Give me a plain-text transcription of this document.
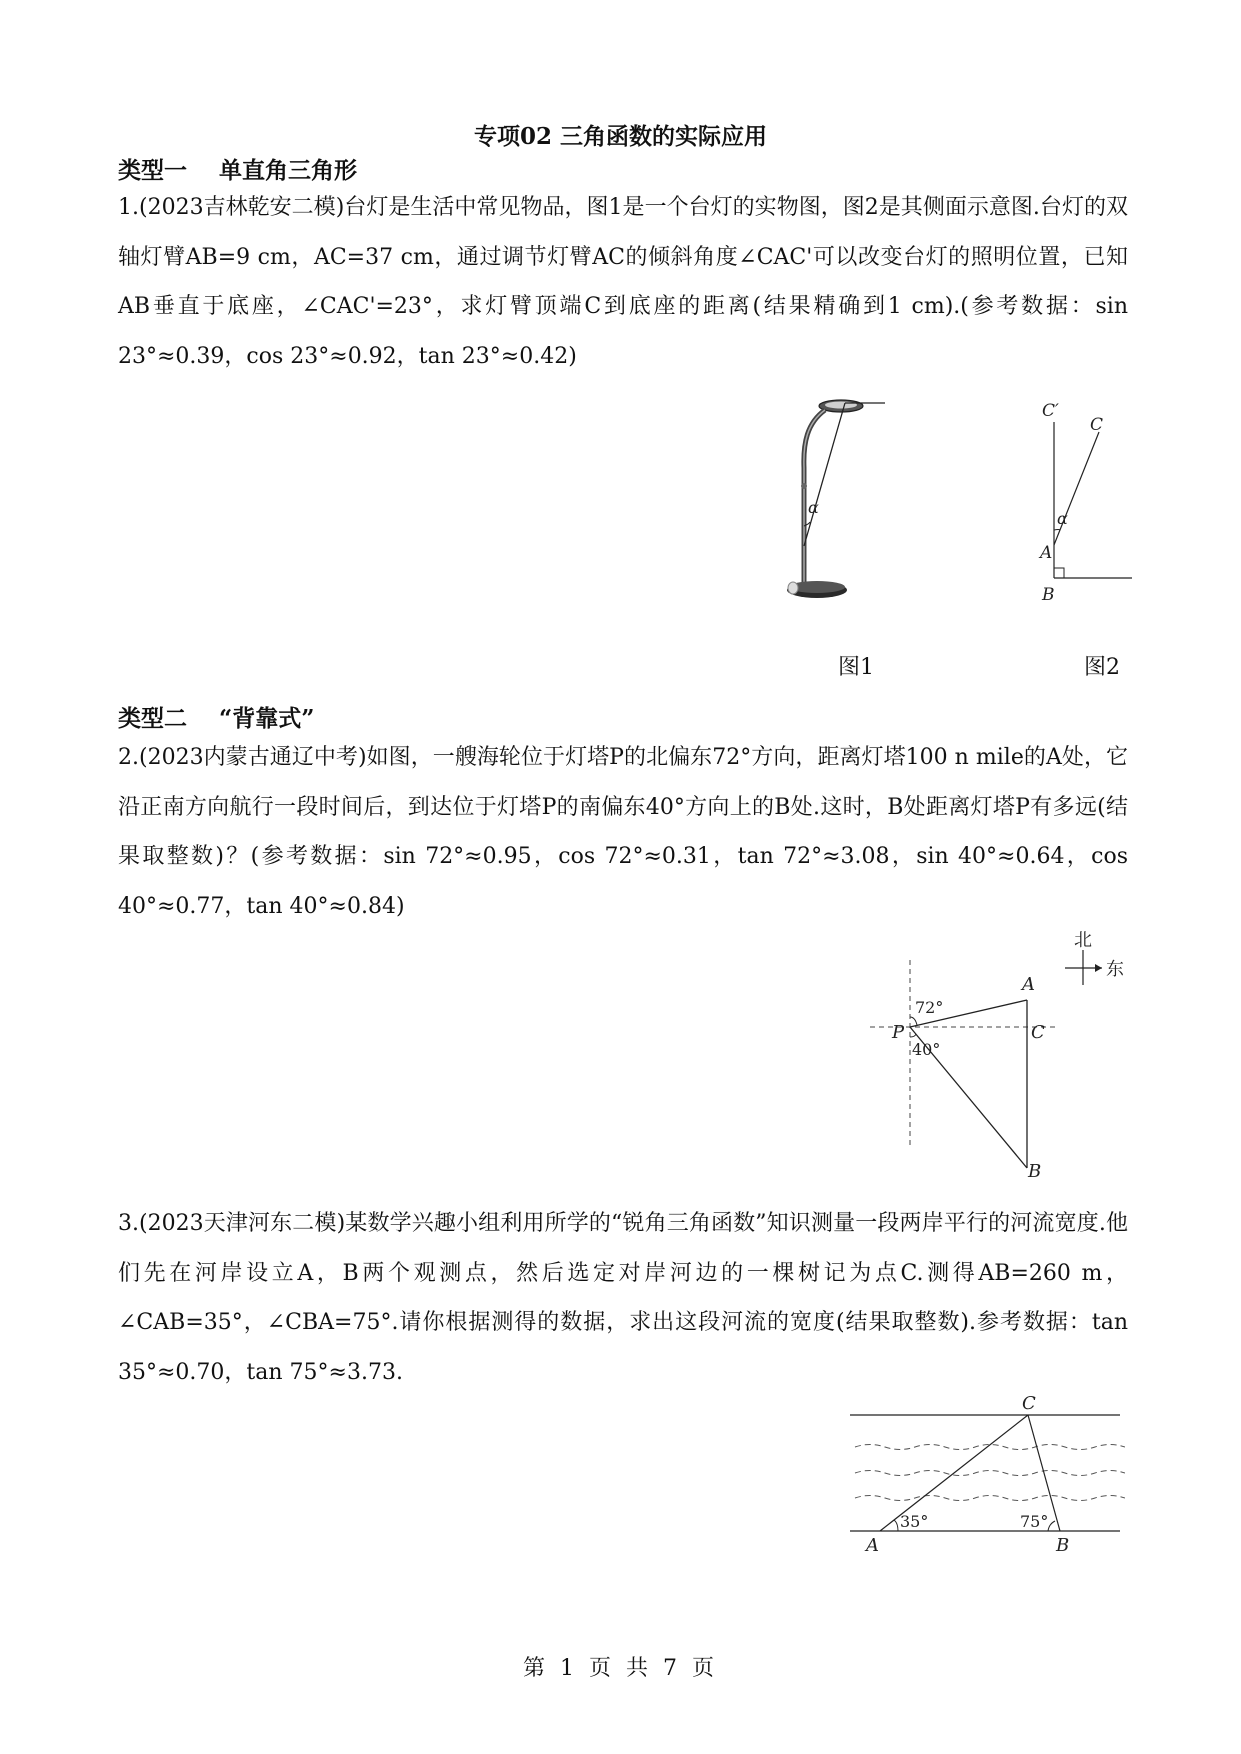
专项02 三角函数的实际应用
类型一    单直角三角形

1.(2023吉林乾安二模)台灯是生活中常见物品，图1是一个台灯的实物图，图2是其侧面示意图.台灯的双轴灯臂AB=9 cm，AC=37 cm，通过调节灯臂AC的倾斜角度∠CAC'可以改变台灯的照明位置，已知AB垂直于底座，∠CAC'=23°，求灯臂顶端C到底座的距离(结果精确到1 cm).(参考数据：sin 23°≈0.39，cos 23°≈0.92，tan 23°≈0.42)

α
C′
C
α
A
B
图1	图2
类型二    “背靠式”

2.(2023内蒙古通辽中考)如图，一艘海轮位于灯塔P的北偏东72°方向，距离灯塔100 n mile的A处，它沿正南方向航行一段时间后，到达位于灯塔P的南偏东40°方向上的B处.这时，B处距离灯塔P有多远(结果取整数)？(参考数据：sin 72°≈0.95，cos 72°≈0.31，tan 72°≈3.08，sin 40°≈0.64，cos 40°≈0.77，tan 40°≈0.84)

北
东
72°
40°
A
P	C
B

3.(2023天津河东二模)某数学兴趣小组利用所学的“锐角三角函数”知识测量一段两岸平行的河流宽度.他们先在河岸设立A，B两个观测点，然后选定对岸河边的一棵树记为点C.测得AB=260 m，∠CAB=35°，∠CBA=75°.请你根据测得的数据，求出这段河流的宽度(结果取整数).参考数据：tan 35°≈0.70，tan 75°≈3.73.

35°	75°
C
A	B
第 1 页 共 7 页
